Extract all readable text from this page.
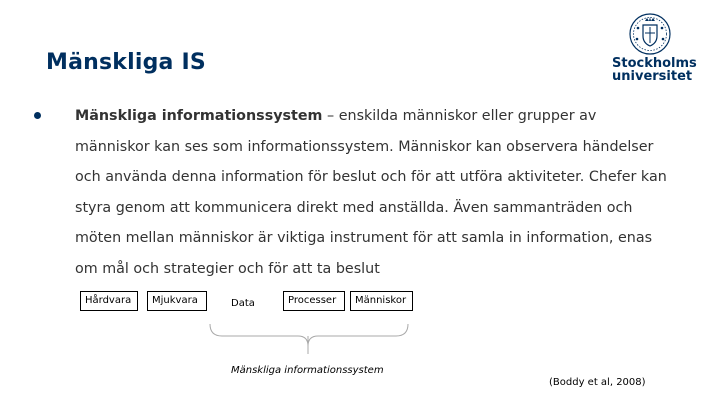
Mänskliga IS	Stockholms
universitet

Mänskliga informationssystem – enskilda människor eller grupper av människor kan ses som informationssystem. Människor kan observera händelser och använda denna information för beslut och för att utföra aktiviteter. Chefer kan styra genom att kommunicera direkt med anställda. Även sammanträden och möten mellan människor är viktiga instrument för att samla in information, enas om mål och strategier och för att ta beslut

Hårdvara	Mjukvara	Data	Processer	Människor

Mänskliga informationssystem

(Boddy et al, 2008)
